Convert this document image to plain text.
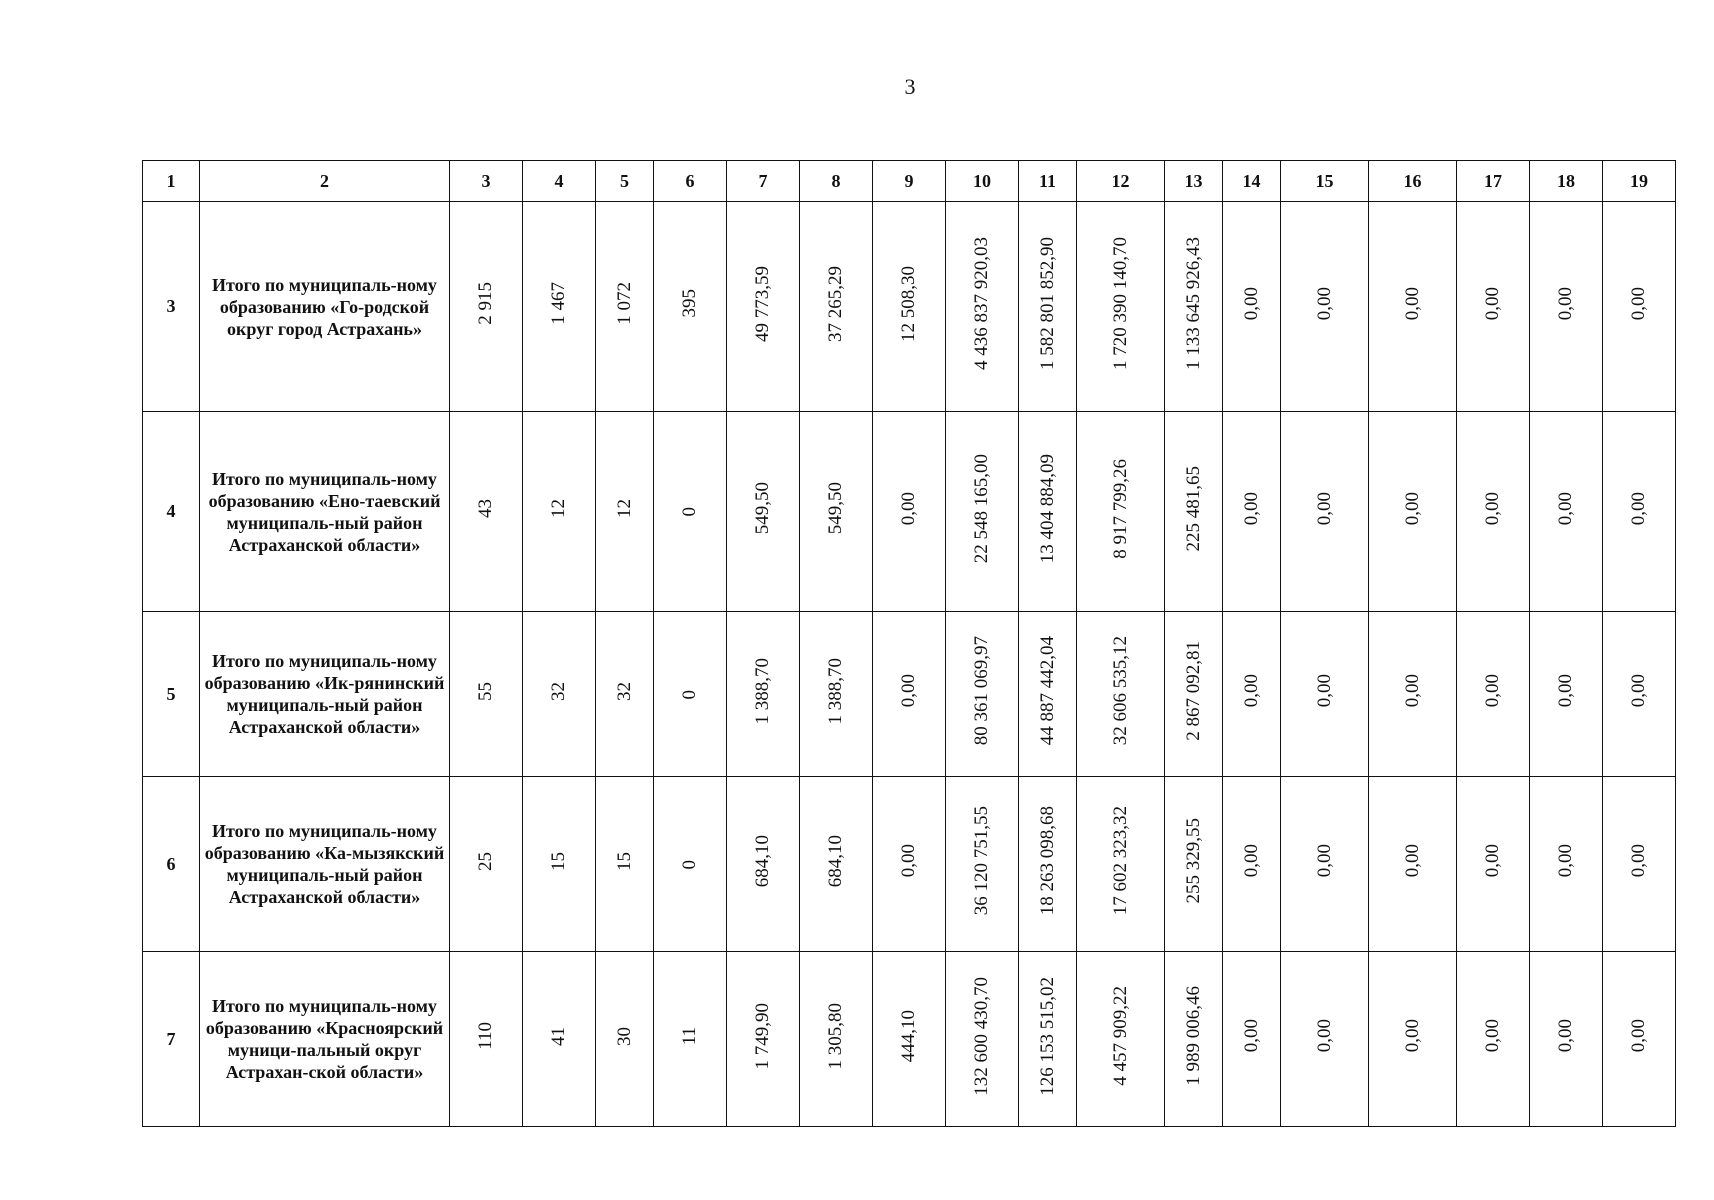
3
1	2	3	4	5	6	7	8	9	10	11	12	13	14	15	16	17	18	19
3	Итого по муниципаль-ному образованию «Го-родской округ город Астрахань»	2 915	1 467	1 072	395	49 773,59	37 265,29	12 508,30	4 436 837 920,03	1 582 801 852,90	1 720 390 140,70	1 133 645 926,43	0,00	0,00	0,00	0,00	0,00	0,00
4	Итого по муниципаль-ному образованию «Ено-таевский муниципаль-ный район Астраханской области»	43	12	12	0	549,50	549,50	0,00	22 548 165,00	13 404 884,09	8 917 799,26	225 481,65	0,00	0,00	0,00	0,00	0,00	0,00
5	Итого по муниципаль-ному образованию «Ик-рянинский муниципаль-ный район Астраханской области»	55	32	32	0	1 388,70	1 388,70	0,00	80 361 069,97	44 887 442,04	32 606 535,12	2 867 092,81	0,00	0,00	0,00	0,00	0,00	0,00
6	Итого по муниципаль-ному образованию «Ка-мызякский муниципаль-ный район Астраханской области»	25	15	15	0	684,10	684,10	0,00	36 120 751,55	18 263 098,68	17 602 323,32	255 329,55	0,00	0,00	0,00	0,00	0,00	0,00
7	Итого по муниципаль-ному образованию «Красноярский муници-пальный округ Астрахан-ской области»	110	41	30	11	1 749,90	1 305,80	444,10	132 600 430,70	126 153 515,02	4 457 909,22	1 989 006,46	0,00	0,00	0,00	0,00	0,00	0,00
